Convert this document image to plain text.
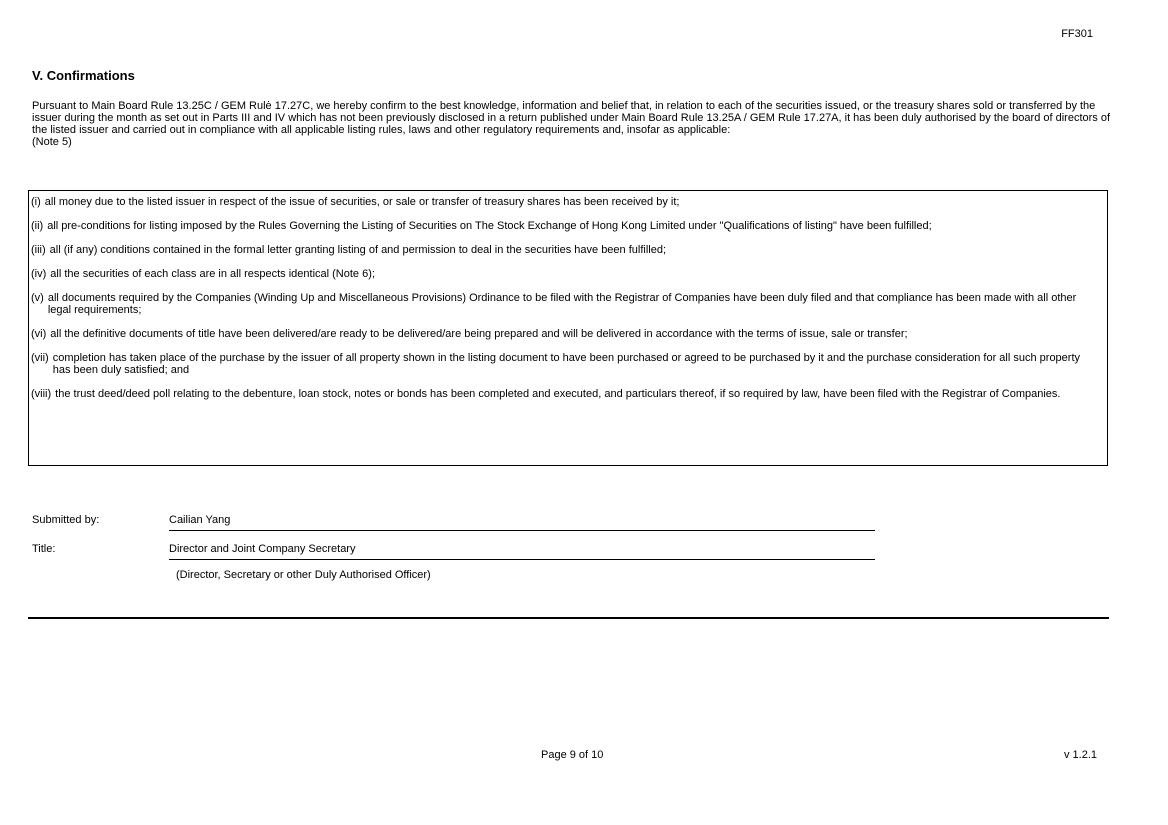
FF301
V. Confirmations
Pursuant to Main Board Rule 13.25C / GEM Rulė 17.27C, we hereby confirm to the best knowledge, information and belief that, in relation to each of the securities issued, or the treasury shares sold or transferred by the issuer during the month as set out in Parts III and IV which has not been previously disclosed in a return published under Main Board Rule 13.25A / GEM Rule 17.27A, it has been duly authorised by the board of directors of the listed issuer and carried out in compliance with all applicable listing rules, laws and other regulatory requirements and, insofar as applicable:
(Note 5)
(i) all money due to the listed issuer in respect of the issue of securities, or sale or transfer of treasury shares has been received by it;
(ii) all pre-conditions for listing imposed by the Rules Governing the Listing of Securities on The Stock Exchange of Hong Kong Limited under "Qualifications of listing" have been fulfilled;
(iii) all (if any) conditions contained in the formal letter granting listing of and permission to deal in the securities have been fulfilled;
(iv) all the securities of each class are in all respects identical (Note 6);
(v) all documents required by the Companies (Winding Up and Miscellaneous Provisions) Ordinance to be filed with the Registrar of Companies have been duly filed and that compliance has been made with all other legal requirements;
(vi) all the definitive documents of title have been delivered/are ready to be delivered/are being prepared and will be delivered in accordance with the terms of issue, sale or transfer;
(vii) completion has taken place of the purchase by the issuer of all property shown in the listing document to have been purchased or agreed to be purchased by it and the purchase consideration for all such property has been duly satisfied; and
(viii) the trust deed/deed poll relating to the debenture, loan stock, notes or bonds has been completed and executed, and particulars thereof, if so required by law, have been filed with the Registrar of Companies.
Submitted by:	Cailian Yang
Title:	Director and Joint Company Secretary
(Director, Secretary or other Duly Authorised Officer)
Page 9 of 10	v 1.2.1
